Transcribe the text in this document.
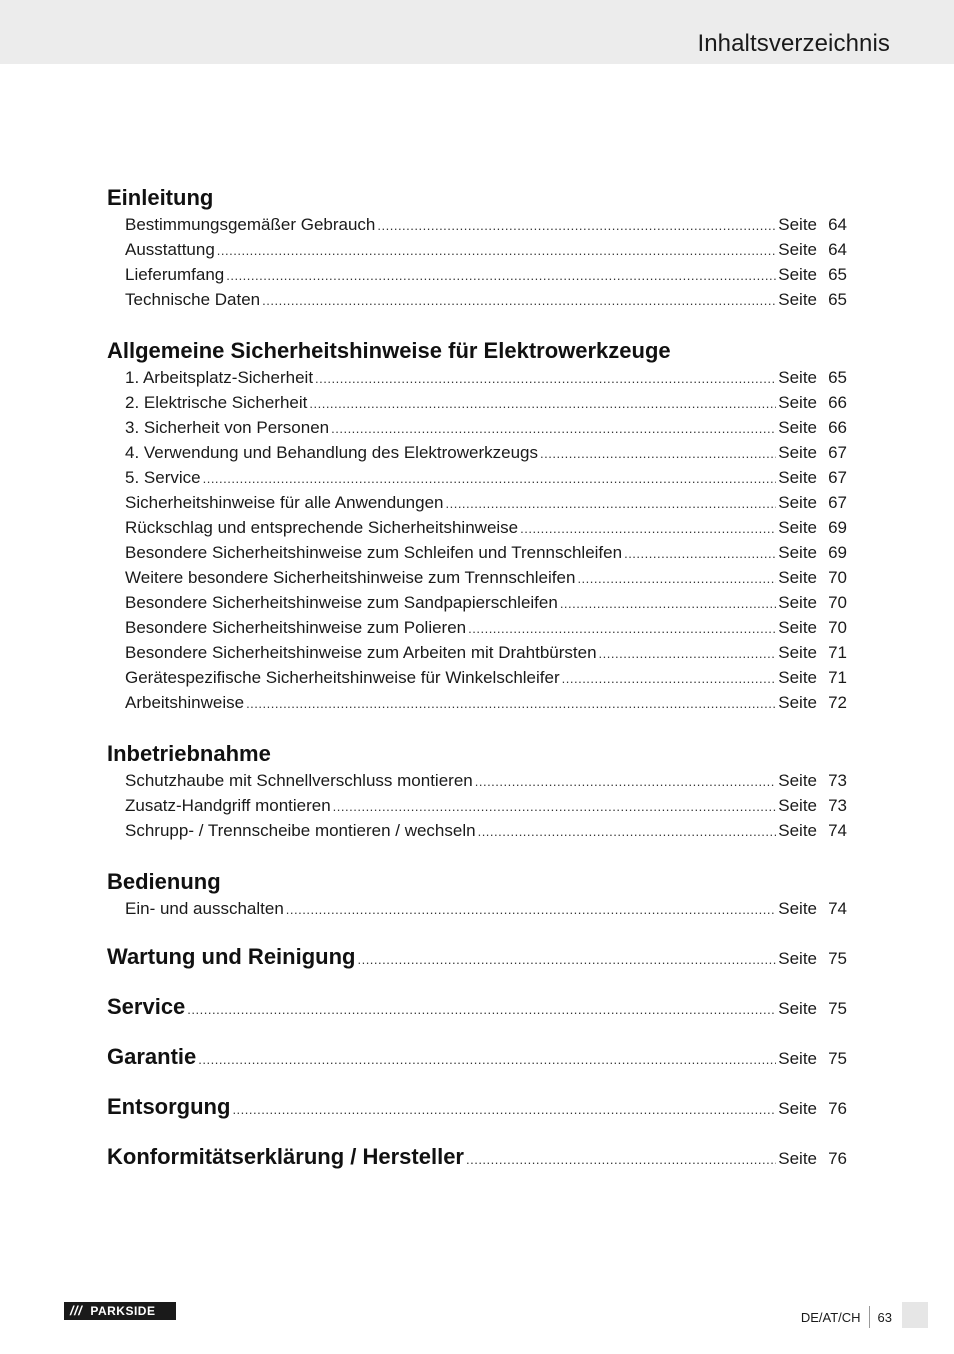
Inhaltsverzeichnis
Einleitung
Bestimmungsgemäßer Gebrauch .....	Seite 64
Ausstattung .....	Seite 64
Lieferumfang .....	Seite 65
Technische Daten .....	Seite 65
Allgemeine Sicherheitshinweise für Elektrowerkzeuge
1. Arbeitsplatz-Sicherheit .....	Seite 65
2. Elektrische Sicherheit .....	Seite 66
3. Sicherheit von Personen .....	Seite 66
4. Verwendung und Behandlung des Elektrowerkzeugs .....	Seite 67
5. Service .....	Seite 67
Sicherheitshinweise für alle Anwendungen .....	Seite 67
Rückschlag und entsprechende Sicherheitshinweise .....	Seite 69
Besondere Sicherheitshinweise zum Schleifen und Trennschleifen .....	Seite 69
Weitere besondere Sicherheitshinweise zum Trennschleifen .....	Seite 70
Besondere Sicherheitshinweise zum Sandpapierschleifen .....	Seite 70
Besondere Sicherheitshinweise zum Polieren .....	Seite 70
Besondere Sicherheitshinweise zum Arbeiten mit Drahtbürsten .....	Seite 71
Gerätespezifische Sicherheitshinweise für Winkelschleifer .....	Seite 71
Arbeitshinweise .....	Seite 72
Inbetriebnahme
Schutzhaube mit Schnellverschluss montieren .....	Seite 73
Zusatz-Handgriff montieren .....	Seite 73
Schrupp- / Trennscheibe montieren / wechseln .....	Seite 74
Bedienung
Ein- und ausschalten .....	Seite 74
Wartung und Reinigung .....	Seite 75
Service .....	Seite 75
Garantie .....	Seite 75
Entsorgung .....	Seite 76
Konformitätserklärung / Hersteller .....	Seite 76
/// PARKSIDE	DE/AT/CH 63
